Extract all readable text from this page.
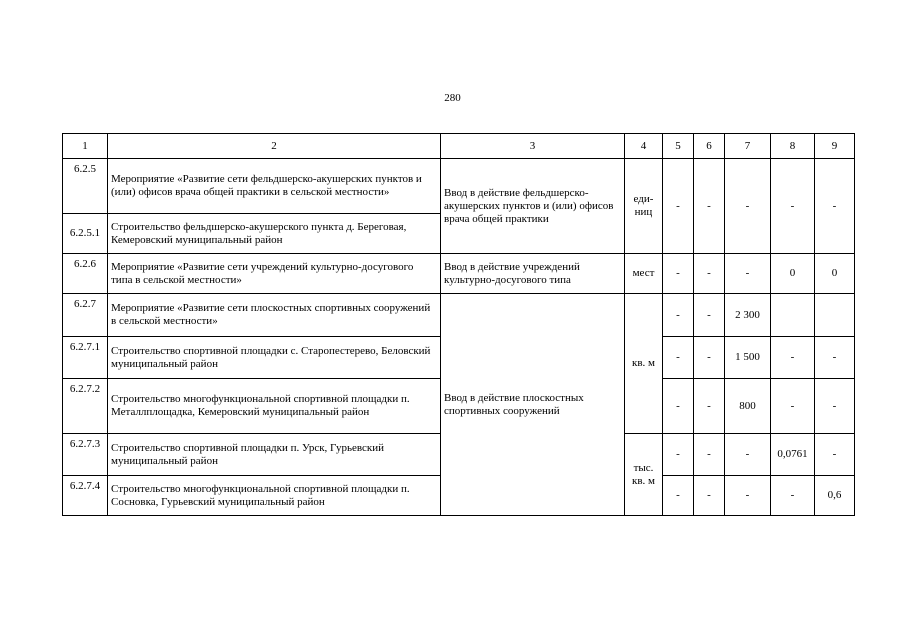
280
1	2	3	4	5	6	7	8	9
6.2.5	Мероприятие «Развитие сети фельдшерско-акушерских пунктов и (или) офисов врача общей практики в сельской местности»	Ввод в действие фельдшерско-акушерских пунктов и (или) офисов врача общей практики	еди-ниц	-	-	-	-	-
6.2.5.1	Строительство фельдшерско-акушерского пункта д. Береговая, Кемеровский муниципальный район							
6.2.6	Мероприятие «Развитие сети учреждений культурно-досугового типа в сельской местности»	Ввод в действие учреждений культурно-досугового типа	мест	-	-	-	0	0
6.2.7	Мероприятие «Развитие сети плоскостных спортивных сооружений в сельской местности»	Ввод в действие плоскостных спортивных сооружений	кв. м	-	-	2 300		
6.2.7.1	Строительство спортивной площадки с. Старопестерево, Беловский муниципальный район			-	-	1 500	-	-
6.2.7.2	Строительство многофункциональной спортивной площадки п. Металлплощадка, Кемеровский муниципальный район			-	-	800	-	-
6.2.7.3	Строительство спортивной площадки п. Урск, Гурьевский муниципальный район		тыс. кв. м	-	-	-	0,0761	-
6.2.7.4	Строительство многофункциональной спортивной площадки п. Сосновка, Гурьевский муниципальный район			-	-	-	-	0,6
